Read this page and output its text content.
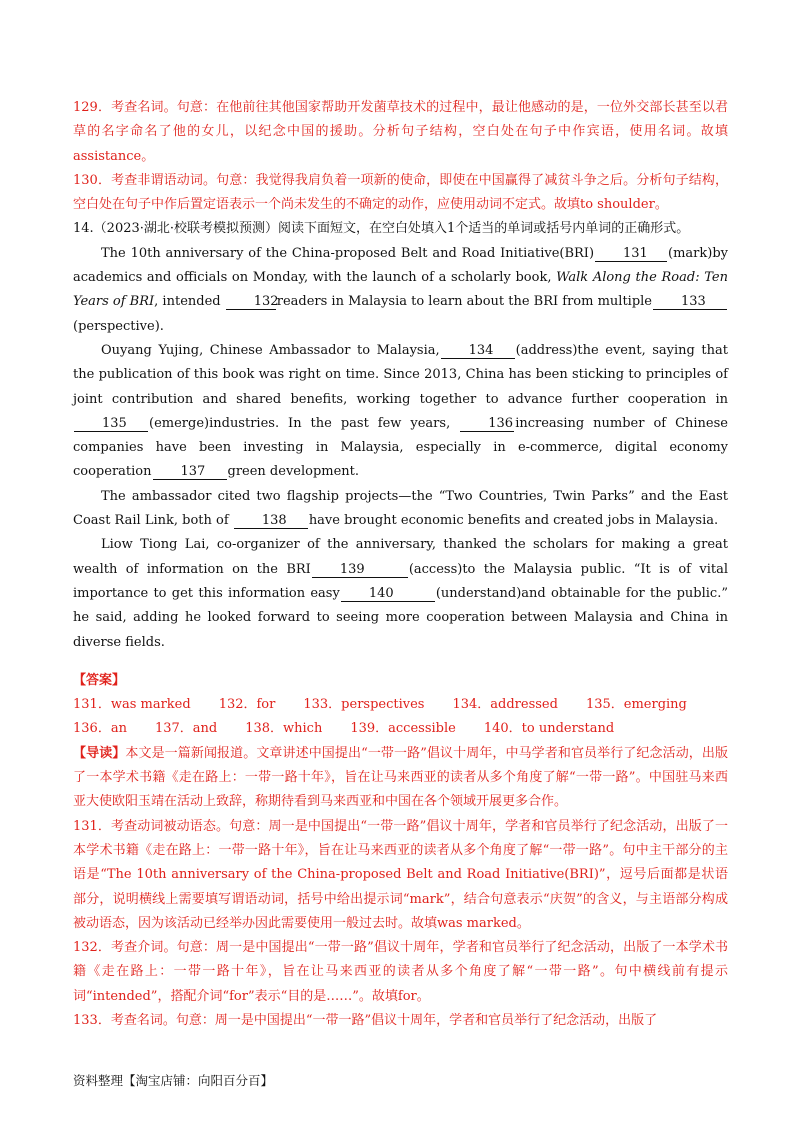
129．考查名词。句意：在他前往其他国家帮助开发菌草技术的过程中，最让他感动的是，一位外交部长甚至以君草的名字命名了他的女儿，以纪念中国的援助。分析句子结构，空白处在句子中作宾语，使用名词。故填assistance。

130．考查非谓语动词。句意：我觉得我肩负着一项新的使命，即使在中国赢得了减贫斗争之后。分析句子结构，空白处在句子中作后置定语表示一个尚未发生的不确定的动作，应使用动词不定式。故填to shoulder。

14.（2023·湖北·校联考模拟预测）阅读下面短文，在空白处填入1个适当的单词或括号内单词的正确形式。

The 10th anniversary of the China-proposed Belt and Road Initiative(BRI) 131 (mark)by academics and officials on Monday, with the launch of a scholarly book, Walk Along the Road: Ten Years of BRI, intended	132readers in Malaysia to learn about the BRI from multiple 133(perspective).

Ouyang Yujing, Chinese Ambassador to Malaysia, 134 (address)the event, saying that the publication of this book was right on time. Since 2013, China has been sticking to principles of joint contribution and shared benefits, working together to advance further cooperation in135 (emerge)industries. In the past few years,	136 increasing number of Chinese companies have been investing in Malaysia, especially in e-commerce, digital economy cooperation 137 green development.

The ambassador cited two flagship projects—the “Two Countries, Twin Parks” and the East Coast Rail Link, both of	138 have brought economic benefits and created jobs in Malaysia.

Liow Tiong Lai, co-organizer of the anniversary, thanked the scholars for making a great wealth of information on the BRI 139	(access)to the Malaysia public. “It is of vital importance to get this information easy 140	(understand)and obtainable for the public.” he said, adding he looked forward to seeing more cooperation between Malaysia and China in diverse fields.

【答案】

131．was marked 132．for 133．perspectives 134．addressed 135．emerging
136．an 137．and 138．which 139．accessible 140．to understand

【导读】本文是一篇新闻报道。文章讲述中国提出“一带一路”倡议十周年，中马学者和官员举行了纪念活动，出版了一本学术书籍《走在路上：一带一路十年》，旨在让马来西亚的读者从多个角度了解“一带一路”。中国驻马来西亚大使欧阳玉靖在活动上致辞，称期待看到马来西亚和中国在各个领域开展更多合作。

131．考查动词被动语态。句意：周一是中国提出“一带一路”倡议十周年，学者和官员举行了纪念活动，出版了一本学术书籍《走在路上：一带一路十年》，旨在让马来西亚的读者从多个角度了解“一带一路”。句中主干部分的主语是“The 10th anniversary of the China-proposed Belt and Road Initiative(BRI)”，逗号后面都是状语部分，说明横线上需要填写谓语动词，括号中给出提示词“mark”，结合句意表示“庆贺”的含义，与主语部分构成被动语态，因为该活动已经举办因此需要使用一般过去时。故填was marked。

132．考查介词。句意：周一是中国提出“一带一路”倡议十周年，学者和官员举行了纪念活动，出版了一本学术书籍《走在路上：一带一路十年》，旨在让马来西亚的读者从多个角度了解“一带一路”。句中横线前有提示词“intended”，搭配介词“for”表示“目的是……”。故填for。

133．考查名词。句意：周一是中国提出“一带一路”倡议十周年，学者和官员举行了纪念活动，出版了

资料整理【淘宝店铺：向阳百分百】
